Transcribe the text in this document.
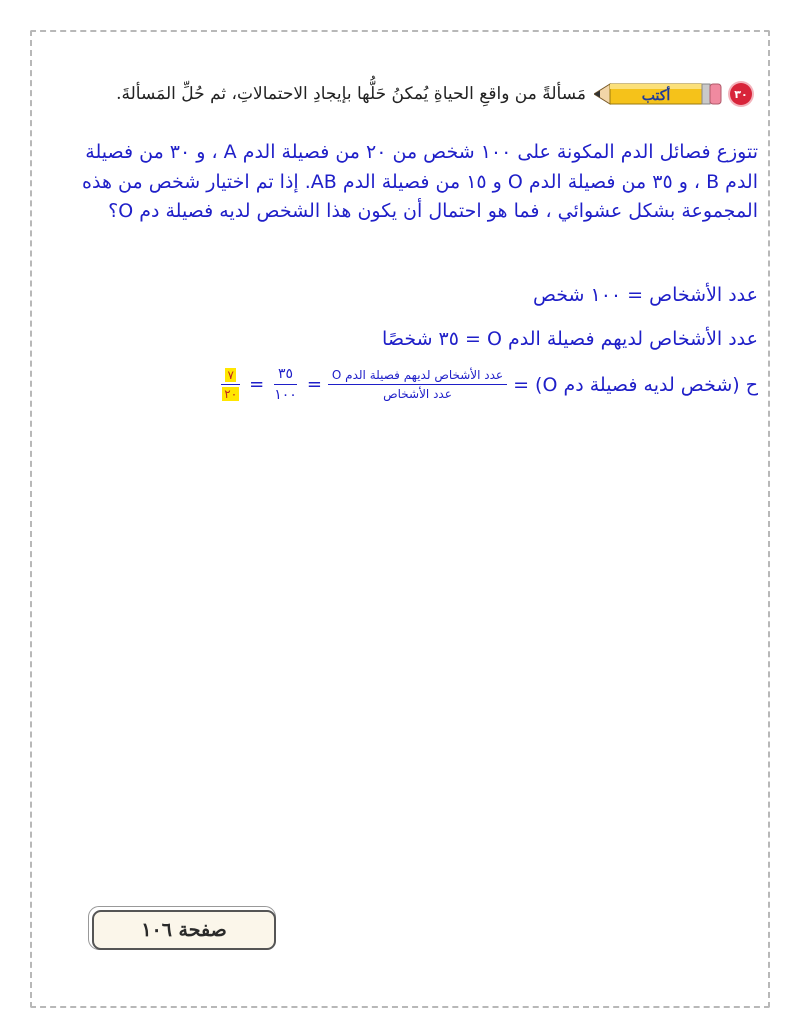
٣٠
أكتب
مَسألةً من واقعِ الحياةِ يُمكنُ حَلُّها بإيجادِ الاحتمالاتِ، ثم حُلِّ المَسألةَ.

تتوزع فصائل الدم المكونة على ١٠٠ شخص من ٢٠ من فصيلة الدم A ، و ٣٠ من فصيلة الدم B ، و ٣٥ من فصيلة الدم O و ١٥ من فصيلة الدم AB. إذا تم اختيار شخص من هذه المجموعة بشكل عشوائي ، فما هو احتمال أن يكون هذا الشخص لديه فصيلة دم O؟

عدد الأشخاص = ١٠٠ شخص

عدد الأشخاص لديهم فصيلة الدم O = ٣٥ شخصًا

ح (شخص لديه فصيلة دم O) =
$\frac{\text{عدد الأشخاص لديهم فصيلة الدم O}}{\text{عدد الأشخاص}}$
=
$\frac{٣٥}{١٠٠}$
=
$\frac{٧}{٢٠}$
صفحة ١٠٦
